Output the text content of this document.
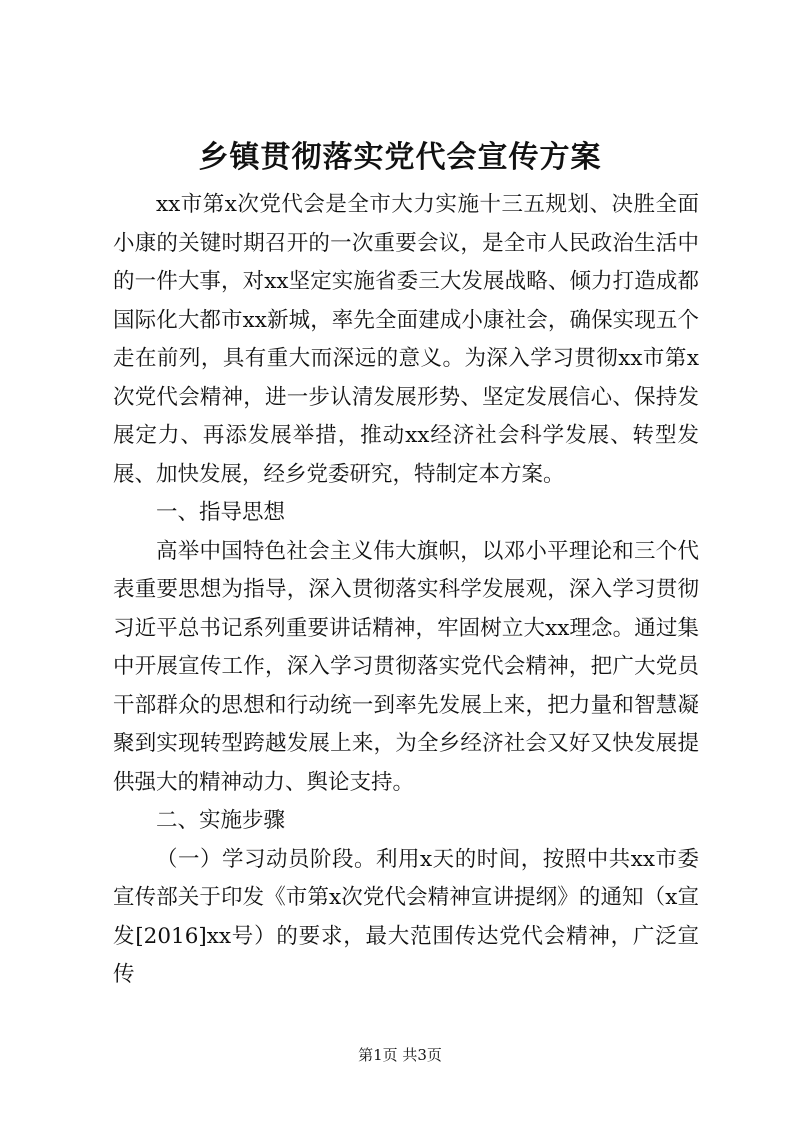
乡镇贯彻落实党代会宣传方案

xx市第x次党代会是全市大力实施十三五规划、决胜全面小康的关键时期召开的一次重要会议，是全市人民政治生活中的一件大事，对xx坚定实施省委三大发展战略、倾力打造成都国际化大都市xx新城，率先全面建成小康社会，确保实现五个走在前列，具有重大而深远的意义。为深入学习贯彻xx市第x次党代会精神，进一步认清发展形势、坚定发展信心、保持发展定力、再添发展举措，推动xx经济社会科学发展、转型发展、加快发展，经乡党委研究，特制定本方案。

一、指导思想

高举中国特色社会主义伟大旗帜，以邓小平理论和三个代表重要思想为指导，深入贯彻落实科学发展观，深入学习贯彻习近平总书记系列重要讲话精神，牢固树立大xx理念。通过集中开展宣传工作，深入学习贯彻落实党代会精神，把广大党员干部群众的思想和行动统一到率先发展上来，把力量和智慧凝聚到实现转型跨越发展上来，为全乡经济社会又好又快发展提供强大的精神动力、舆论支持。

二、实施步骤

（一）学习动员阶段。利用x天的时间，按照中共xx市委宣传部关于印发《市第x次党代会精神宣讲提纲》的通知（x宣发[2016]xx号）的要求，最大范围传达党代会精神，广泛宣传

第1页 共3页
